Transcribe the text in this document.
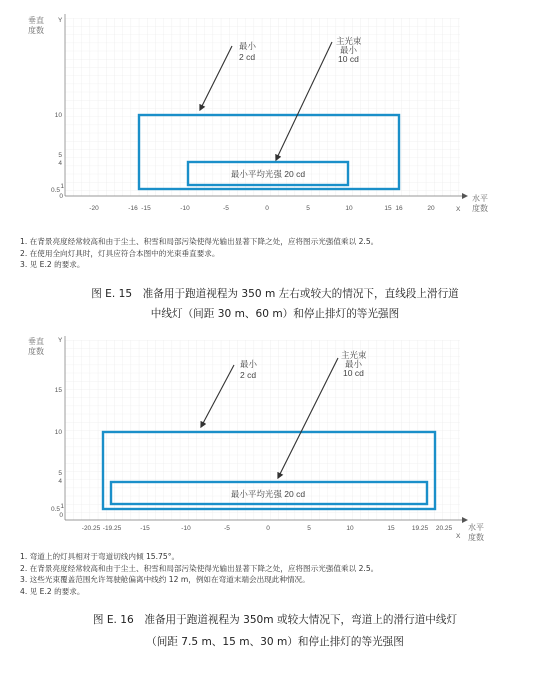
垂直
度数
Y
水平
度数
X
-20	-16 -15	-10	-5	0	5	10	15 16	20
10
5
4
1
0.5
0
最小平均光强 20 cd
最小
2 cd
主光束
最小
10 cd
1. 在背景亮度经常较高和由于尘土、积雪和局部污染使得光输出显著下降之处，应将图示光强值乘以 2.5。
2. 在使用全向灯具时，灯具应符合本图中的光束垂直要求。
3. 见 E.2 的要求。
图 E. 15　准备用于跑道视程为 350 m 左右或较大的情况下，直线段上滑行道
中线灯（间距 30 m、60 m）和停止排灯的等光强图
垂直
度数
Y
水平
度数
X
-20.25 -19.25	-15	-10	-5	0	5	10	15	19.25 20.25
15
10
5
4
1
0.5
0
最小平均光强 20 cd
最小
2 cd
主光束
最小
10 cd
1. 弯道上的灯具相对于弯道切线内倾 15.75°。
2. 在背景亮度经常较高和由于尘土、积雪和局部污染使得光输出显著下降之处，应将图示光强值乘以 2.5。
3. 这些光束覆盖范围允许驾驶舱偏离中线约 12 m，例如在弯道末端会出现此种情况。
4. 见 E.2 的要求。
图 E. 16　准备用于跑道视程为 350m 或较大情况下，弯道上的滑行道中线灯
（间距 7.5 m、15 m、30 m）和停止排灯的等光强图
